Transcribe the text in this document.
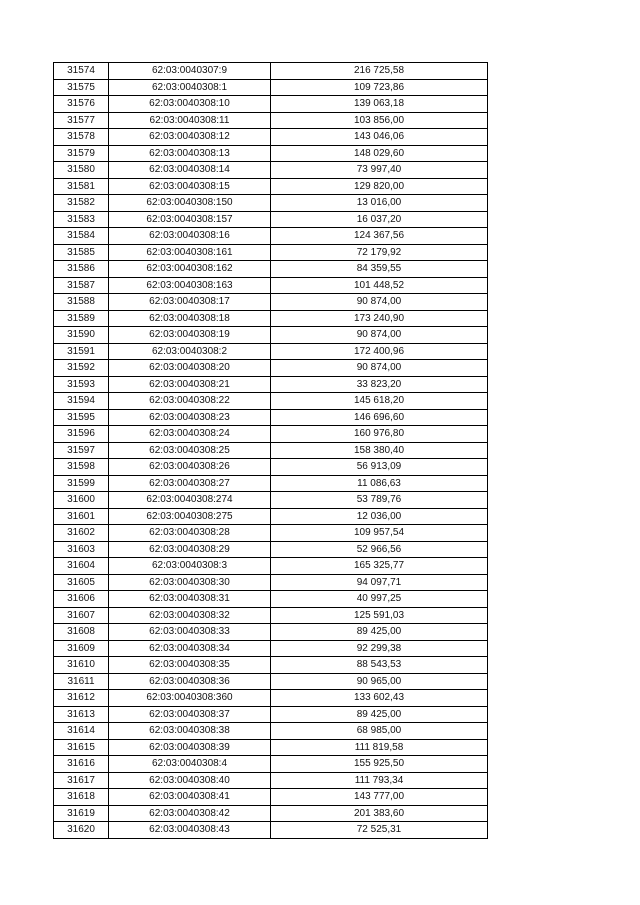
31574	62:03:0040307:9	216 725,58
31575	62:03:0040308:1	109 723,86
31576	62:03:0040308:10	139 063,18
31577	62:03:0040308:11	103 856,00
31578	62:03:0040308:12	143 046,06
31579	62:03:0040308:13	148 029,60
31580	62:03:0040308:14	73 997,40
31581	62:03:0040308:15	129 820,00
31582	62:03:0040308:150	13 016,00
31583	62:03:0040308:157	16 037,20
31584	62:03:0040308:16	124 367,56
31585	62:03:0040308:161	72 179,92
31586	62:03:0040308:162	84 359,55
31587	62:03:0040308:163	101 448,52
31588	62:03:0040308:17	90 874,00
31589	62:03:0040308:18	173 240,90
31590	62:03:0040308:19	90 874,00
31591	62:03:0040308:2	172 400,96
31592	62:03:0040308:20	90 874,00
31593	62:03:0040308:21	33 823,20
31594	62:03:0040308:22	145 618,20
31595	62:03:0040308:23	146 696,60
31596	62:03:0040308:24	160 976,80
31597	62:03:0040308:25	158 380,40
31598	62:03:0040308:26	56 913,09
31599	62:03:0040308:27	11 086,63
31600	62:03:0040308:274	53 789,76
31601	62:03:0040308:275	12 036,00
31602	62:03:0040308:28	109 957,54
31603	62:03:0040308:29	52 966,56
31604	62:03:0040308:3	165 325,77
31605	62:03:0040308:30	94 097,71
31606	62:03:0040308:31	40 997,25
31607	62:03:0040308:32	125 591,03
31608	62:03:0040308:33	89 425,00
31609	62:03:0040308:34	92 299,38
31610	62:03:0040308:35	88 543,53
31611	62:03:0040308:36	90 965,00
31612	62:03:0040308:360	133 602,43
31613	62:03:0040308:37	89 425,00
31614	62:03:0040308:38	68 985,00
31615	62:03:0040308:39	111 819,58
31616	62:03:0040308:4	155 925,50
31617	62:03:0040308:40	111 793,34
31618	62:03:0040308:41	143 777,00
31619	62:03:0040308:42	201 383,60
31620	62:03:0040308:43	72 525,31
